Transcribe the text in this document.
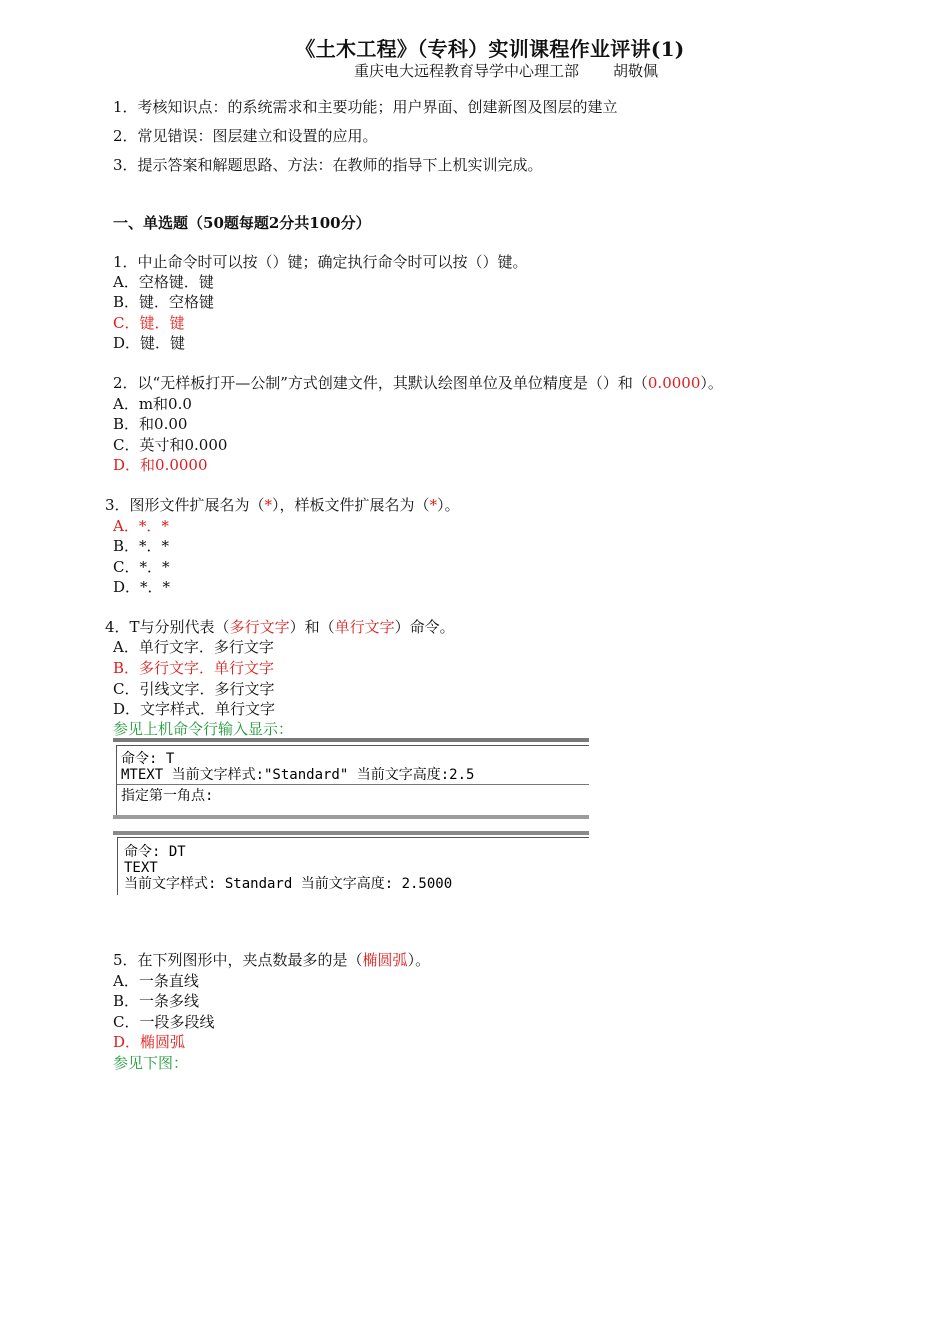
《土木工程》（专科）实训课程作业评讲(1)
重庆电大远程教育导学中心理工部 胡敬佩
1．考核知识点：的系统需求和主要功能；用户界面、创建新图及图层的建立
2．常见错误：图层建立和设置的应用。
3．提示答案和解题思路、方法：在教师的指导下上机实训完成。
一、单选题（50题每题2分共100分）
1．中止命令时可以按（）键；确定执行命令时可以按（）键。
A．空格键．键
B．键．空格键
C．键．键
D．键．键
2．以“无样板打开—公制”方式创建文件，其默认绘图单位及单位精度是（）和（0.0000）。
A．m和0.0
B．和0.00
C．英寸和0.000
D．和0.0000
3．图形文件扩展名为（*），样板文件扩展名为（*）。
A．*．*
B．*．*
C．*．*
D．*．*
4．T与分别代表（多行文字）和（单行文字）命令。
A．单行文字．多行文字
B．多行文字．单行文字
C．引线文字．多行文字
D．文字样式．单行文字
参见上机命令行输入显示：
命令: T
MTEXT 当前文字样式:"Standard" 当前文字高度:2.5
指定第一角点:
命令: DT
TEXT
当前文字样式: Standard 当前文字高度: 2.5000
5．在下列图形中，夹点数最多的是（椭圆弧）。
A．一条直线
B．一条多线
C．一段多段线
D．椭圆弧
参见下图：
